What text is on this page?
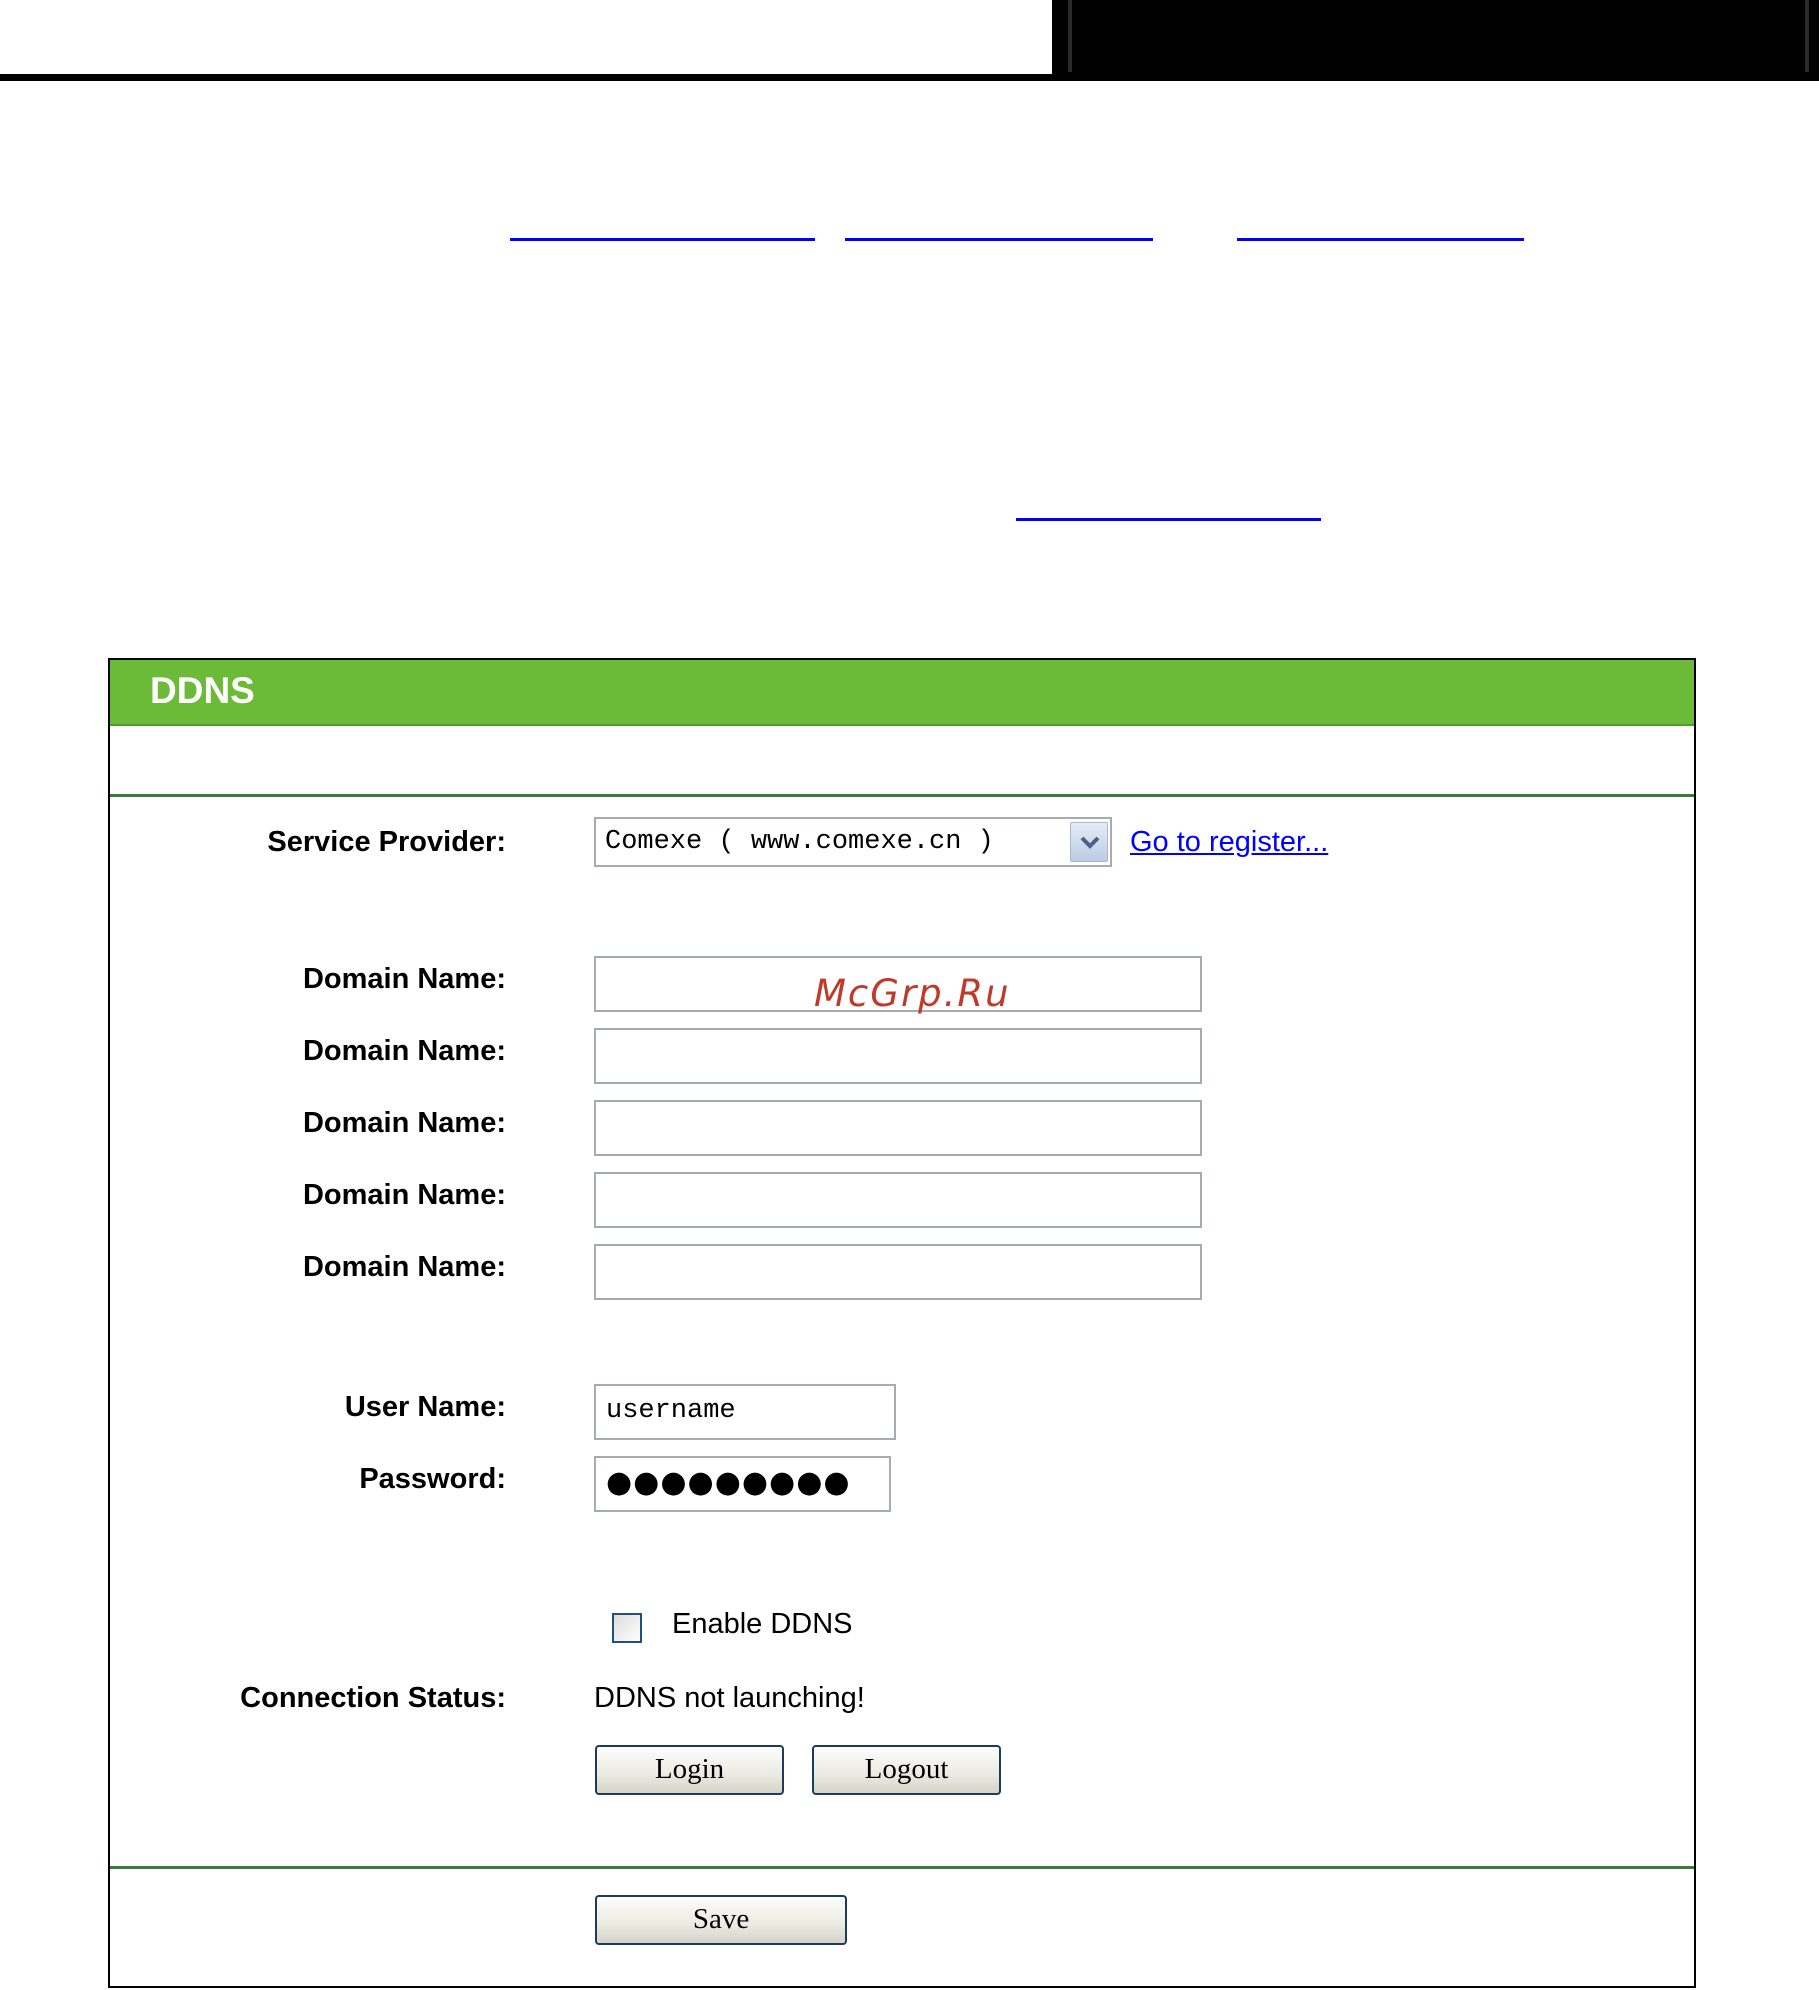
DDNS
Service Provider:	Comexe ( www.comexe.cn )	Go to register...
Domain Name:
Domain Name:
Domain Name:
Domain Name:
Domain Name:
McGrp.Ru
User Name:	username
Password:	●●●●●●●●●
Enable DDNS
Connection Status:	DDNS not launching!
Login	Logout
Save
